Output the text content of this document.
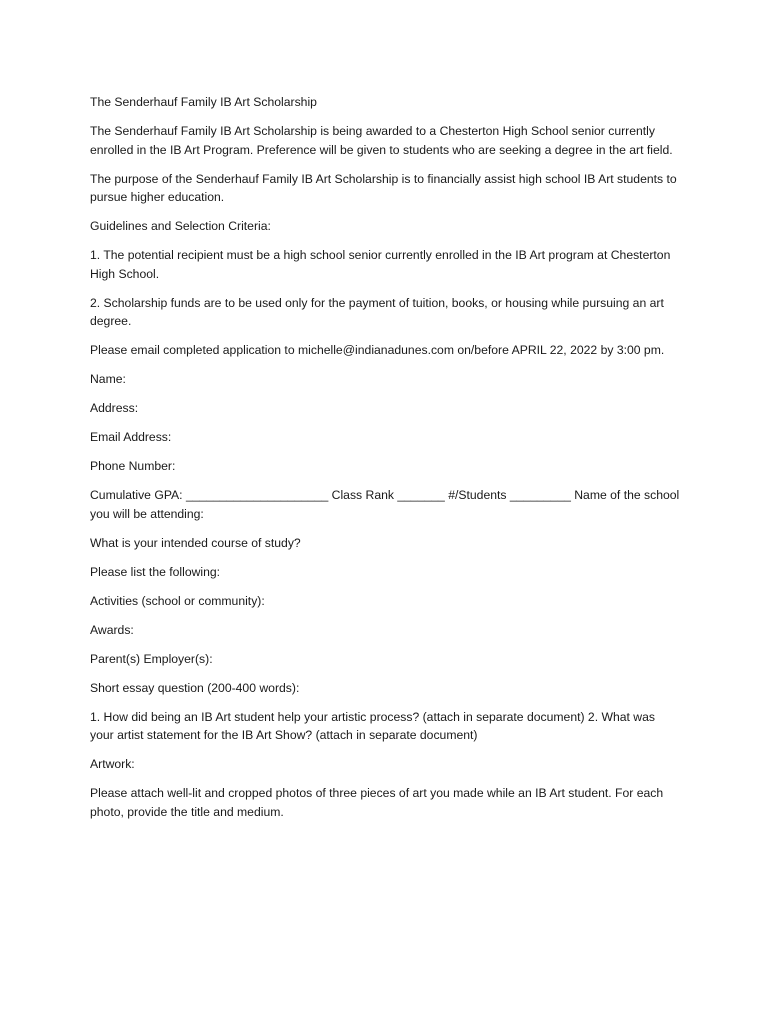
The Senderhauf Family IB Art Scholarship

The Senderhauf Family IB Art Scholarship is being awarded to a Chesterton High School senior currently enrolled in the IB Art Program. Preference will be given to students who are seeking a degree in the art field.

The purpose of the Senderhauf Family IB Art Scholarship is to financially assist high school IB Art students to pursue higher education.

Guidelines and Selection Criteria:

1. The potential recipient must be a high school senior currently enrolled in the IB Art program at Chesterton High School.

2. Scholarship funds are to be used only for the payment of tuition, books, or housing while pursuing an art degree.

Please email completed application to michelle@indianadunes.com on/before APRIL 22, 2022 by 3:00 pm.

Name:

Address:

Email Address:

Phone Number:

Cumulative GPA: _____________________ Class Rank _______ #/Students _________ Name of the school you will be attending:

What is your intended course of study?

Please list the following:

Activities (school or community):

Awards:

Parent(s) Employer(s):

Short essay question (200-400 words):

1. How did being an IB Art student help your artistic process? (attach in separate document) 2. What was your artist statement for the IB Art Show? (attach in separate document)

Artwork:

Please attach well-lit and cropped photos of three pieces of art you made while an IB Art student. For each photo, provide the title and medium.
